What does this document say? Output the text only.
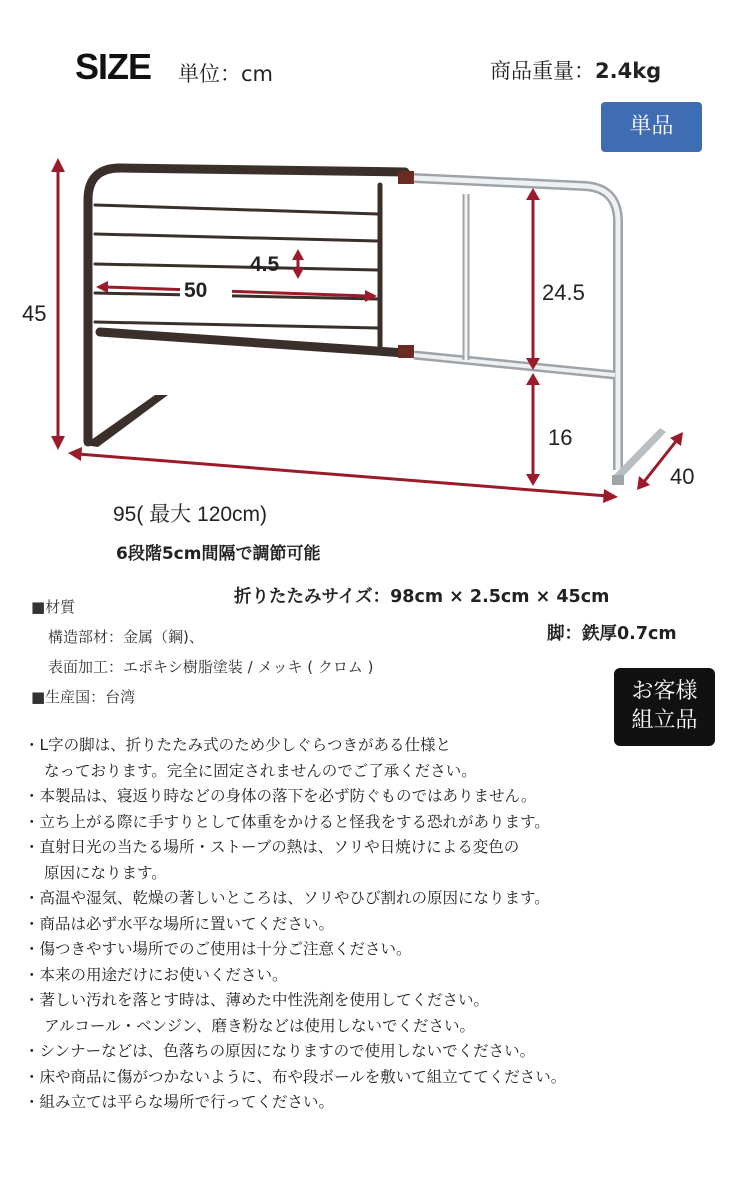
SIZE 単位：cm	商品重量：2.4kg
単品
45
4.5
50	24.5
16
40
95( 最大 120cm)
6段階5cm間隔で調節可能
折りたたみサイズ：98cm × 2.5cm × 45cm
脚：鉄厚0.7cm
■材質
構造部材：金属（鋼)、
表面加工：エポキシ樹脂塗装 / メッキ ( クロム )
■生産国：台湾	お客様
組立品
・L字の脚は、折りたたみ式のため少しぐらつきがある仕様と
なっております。完全に固定されませんのでご了承ください。
・本製品は、寝返り時などの身体の落下を必ず防ぐものではありません。
・立ち上がる際に手すりとして体重をかけると怪我をする恐れがあります。
・直射日光の当たる場所・ストーブの熱は、ソリや日焼けによる変色の
原因になります。
・高温や湿気、乾燥の著しいところは、ソリやひび割れの原因になります。
・商品は必ず水平な場所に置いてください。
・傷つきやすい場所でのご使用は十分ご注意ください。
・本来の用途だけにお使いください。
・著しい汚れを落とす時は、薄めた中性洗剤を使用してください。
アルコール・ベンジン、磨き粉などは使用しないでください。
・シンナーなどは、色落ちの原因になりますので使用しないでください。
・床や商品に傷がつかないように、布や段ボールを敷いて組立ててください。
・組み立ては平らな場所で行ってください。
